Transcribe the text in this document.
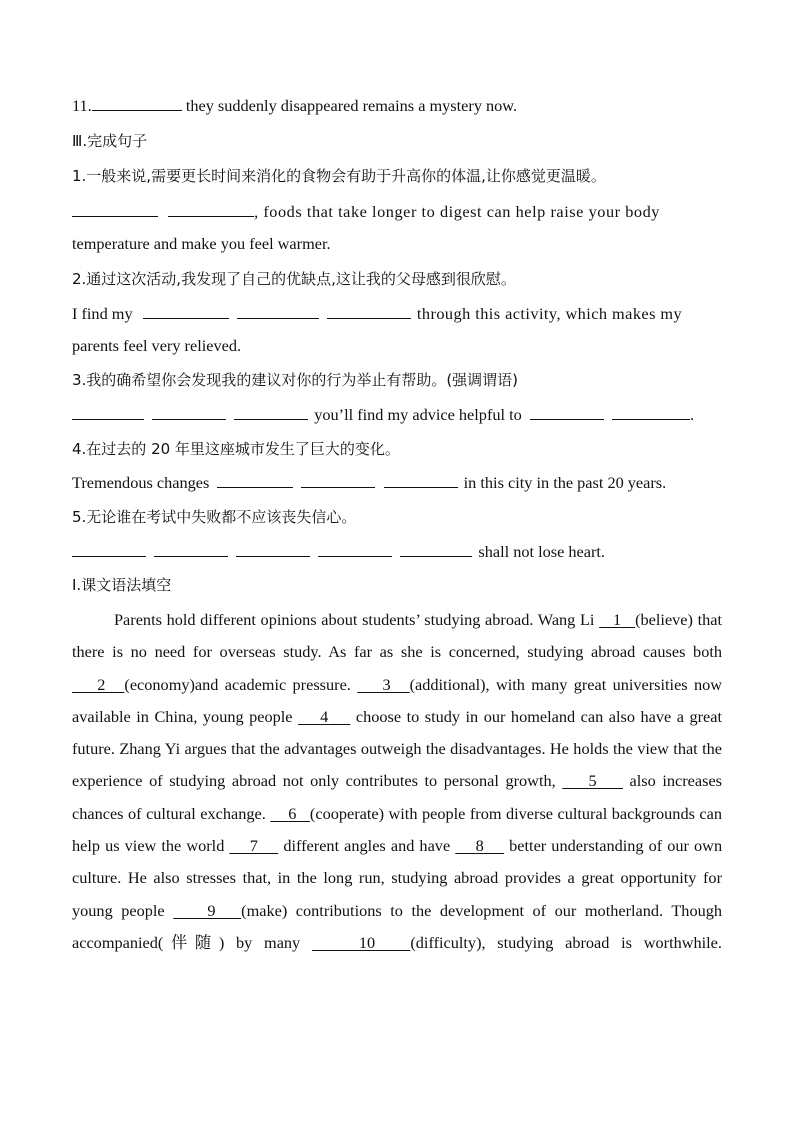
11.	they suddenly disappeared remains a mystery now.

Ⅲ.完成句子

1.一般来说,需要更长时间来消化的食物会有助于升高你的体温,让你感觉更温暖。

, foods that take longer to digest can help raise your body

temperature and make you feel warmer.

2.通过这次活动,我发现了自己的优缺点,这让我的父母感到很欣慰。

I find my	through this activity, which makes my

parents feel very relieved.

3.我的确希望你会发现我的建议对你的行为举止有帮助。(强调谓语)

you’ll find my advice helpful to	.

4.在过去的 20 年里这座城市发生了巨大的变化。

Tremendous changes	in this city in the past 20 years.

5.无论谁在考试中失败都不应该丧失信心。

shall not lose heart.

Ⅰ.课文语法填空

Parents hold different opinions about students’ studying abroad. Wang Li 1 (believe) that there is no need for overseas study. As far as she is concerned, studying abroad causes both     2 (economy)and academic pressure. 3 (additional), with many great universities now available in China, young people 4 choose to study in our homeland can also have a great future. Zhang Yi argues that the advantages outweigh the disadvantages. He holds the view that the experience of studying abroad not only contributes to personal growth, 5 also increases chances of cultural exchange. 6 (cooperate) with people from diverse cultural backgrounds can help us view the world 7 different angles and have 8 better understanding of our own culture. He also stresses that, in the long run, studying abroad provides a great opportunity for young people	9 (make) contributions to the development of our motherland. Though accompanied(伴随) by many	10 (difficulty), studying abroad is worthwhile.
